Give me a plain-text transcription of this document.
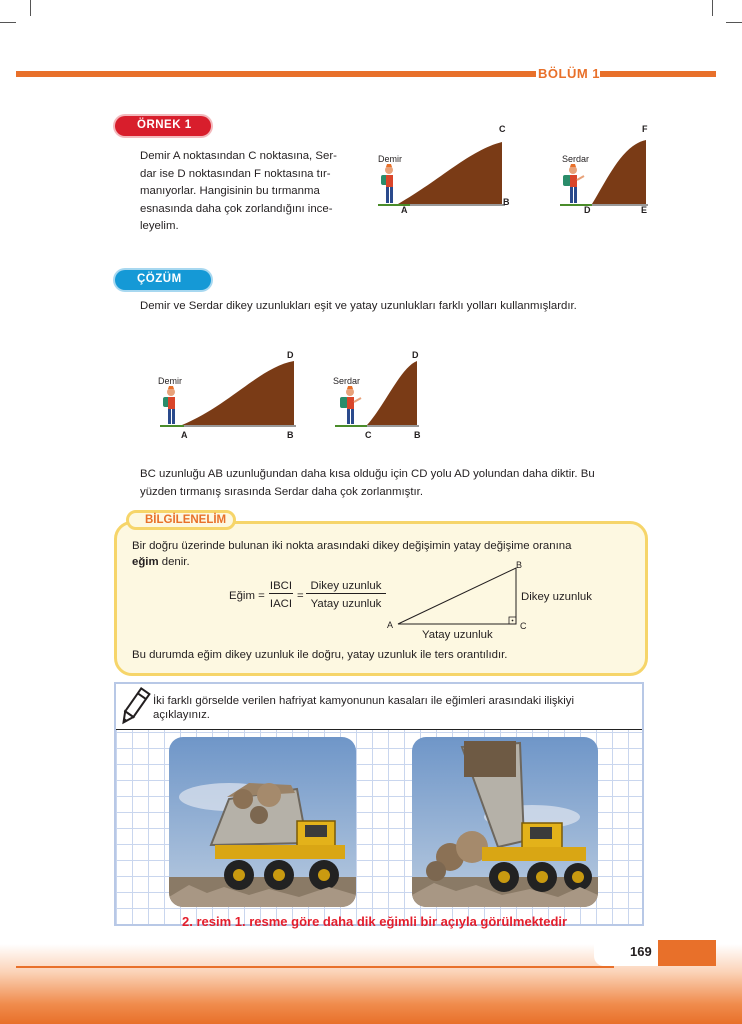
BÖLÜM 1
ÖRNEK 1
Demir A noktasından C noktasına, Ser-
dar ise D noktasından F noktasına tır-
manıyorlar. Hangisinin bu tırmanma
esnasında daha çok zorlandığını ince-
leyelim.
Demir
A
B
C
Serdar
D	E
F
ÇÖZÜM
Demir ve Serdar dikey uzunlukları eşit ve yatay uzunlukları farklı yolları kullanmışlardır.
Demir
A	B
D
Serdar
C	B
D
BC uzunluğu AB uzunluğundan daha kısa olduğu için CD yolu AD yolundan daha diktir. Bu
yüzden tırmanış sırasında Serdar daha çok zorlanmıştır.
BİLGİLENELİM
Bir doğru üzerinde bulunan iki nokta arasındaki dikey değişimin yatay değişime oranına
eğim denir.
Eğim =
IBCI
IACI
=
Dikey uzunluk
Yatay uzunluk
A
B
C
Dikey uzunluk
Yatay uzunluk
Bu durumda eğim dikey uzunluk ile doğru, yatay uzunluk ile ters orantılıdır.
İki farklı görselde verilen hafriyat kamyonunun kasaları ile eğimleri arasındaki ilişkiyi
açıklayınız.
2. resim 1. resme göre daha dik eğimli bir açıyla görülmektedir
169
